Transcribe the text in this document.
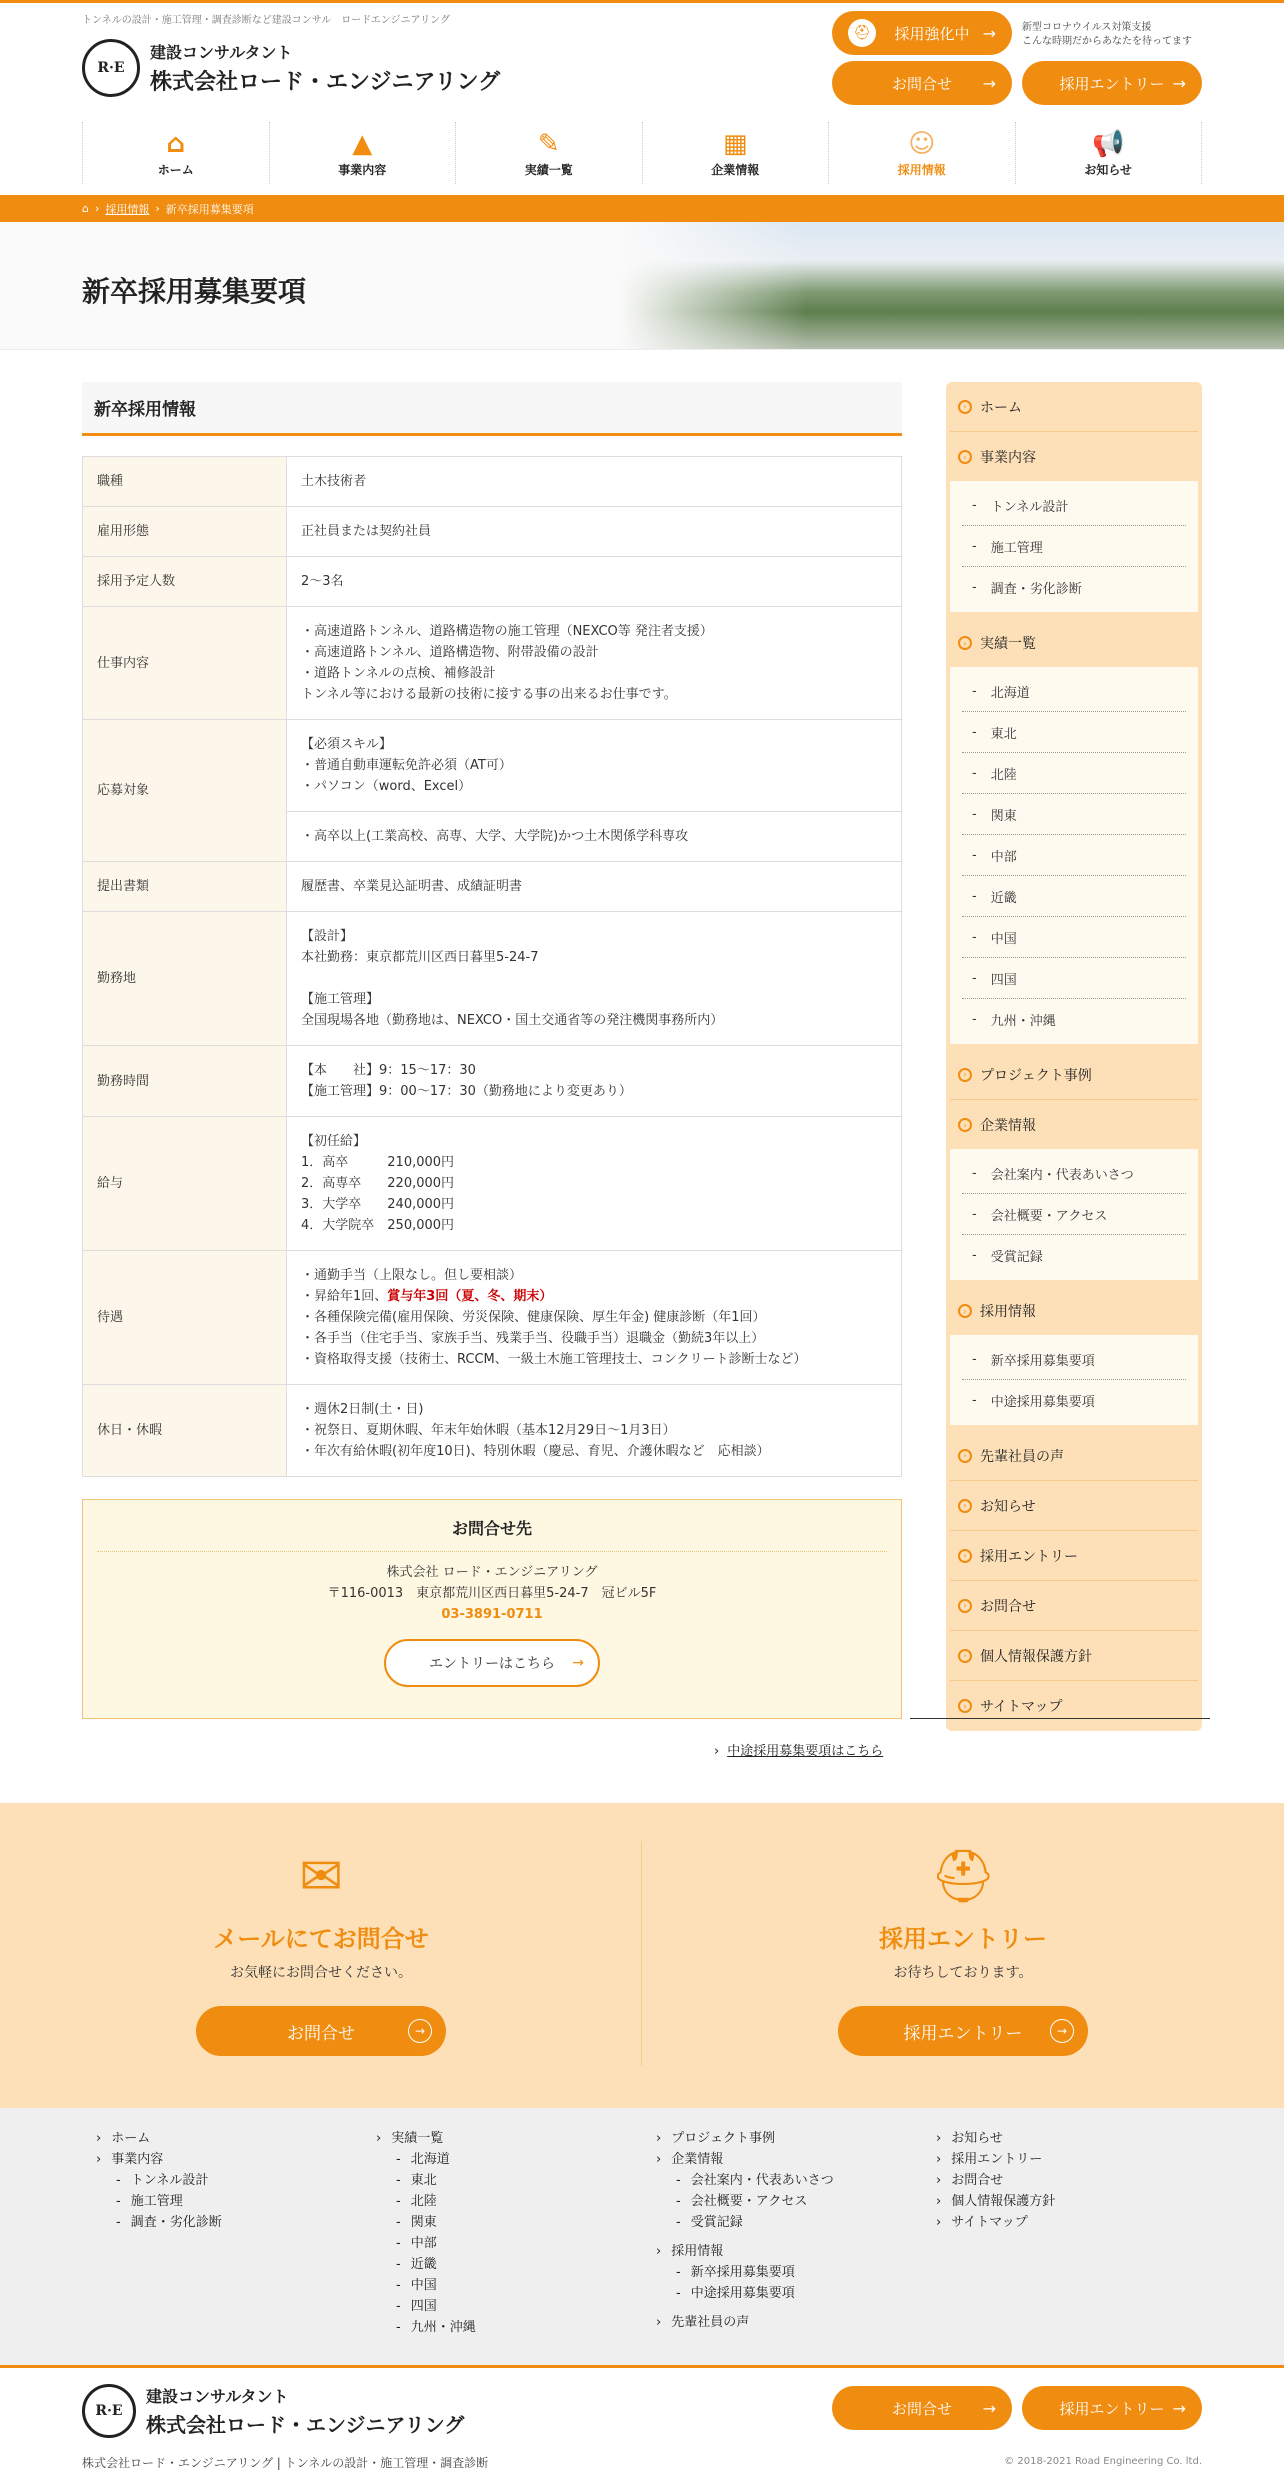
トンネルの設計・施工管理・調査診断など建設コンサル　ロードエンジニアリング
R·E
建設コンサルタント
株式会社ロード・エンジニアリング
⛑	採用強化中 →	新型コロナウイルス対策支援
こんな時期だからあなたを待ってます
お問合せ →	採用エントリー →
⌂
ホーム
▲
事業内容
✎
実績一覧
▦
企業情報
☺
採用情報
📢
お知らせ
⌂ › 採用情報 › 新卒採用募集要項
新卒採用募集要項
新卒採用情報
職種	土木技術者
雇用形態	正社員または契約社員
採用予定人数	2～3名
仕事内容	・高速道路トンネル、道路構造物の施工管理（NEXCO等 発注者支援）
・高速道路トンネル、道路構造物、附帯設備の設計
・道路トンネルの点検、補修設計
トンネル等における最新の技術に接する事の出来るお仕事です。

応募対象	【必須スキル】
・普通自動車運転免許必須（AT可）
・パソコン（word、Excel）

	・高卒以上(工業高校、高専、大学、大学院)かつ土木関係学科専攻
提出書類	履歴書、卒業見込証明書、成績証明書
勤務地	【設計】
本社勤務：東京都荒川区西日暮里5-24-7
【施工管理】
全国現場各地（勤務地は、NEXCO・国土交通省等の発注機関事務所内）

勤務時間	【本　　社】9：15～17：30
【施工管理】9：00～17：30（勤務地により変更あり）

給与	【初任給】
1．高卒　　　210,000円
2．高専卒　　220,000円
3．大学卒　　240,000円
4．大学院卒　250,000円

待遇	・通勤手当（上限なし。但し要相談）
・昇給年1回、賞与年3回（夏、冬、期末）
・各種保険完備(雇用保険、労災保険、健康保険、厚生年金) 健康診断（年1回）
・各手当（住宅手当、家族手当、残業手当、役職手当）退職金（勤続3年以上）
・資格取得支援（技術士、RCCM、一級土木施工管理技士、コンクリート診断士など）

休日・休暇	・週休2日制(土・日)
・祝祭日、夏期休暇、年末年始休暇（基本12月29日～1月3日）
・年次有給休暇(初年度10日)、特別休暇（慶忌、育児、介護休暇など　応相談）
お問合せ先

株式会社 ロード・エンジニアリング

〒116-0013　東京都荒川区西日暮里5-24-7　冠ビル5F

03-3891-0711

エントリーはこちら →
› 中途採用募集要項はこちら
› ホーム
› 事業内容
- トンネル設計
- 施工管理
- 調査・劣化診断
› 実績一覧
- 北海道
- 東北
- 北陸
- 関東
- 中部
- 近畿
- 中国
- 四国
- 九州・沖縄
› プロジェクト事例
› 企業情報
- 会社案内・代表あいさつ
- 会社概要・アクセス
- 受賞記録
› 採用情報
- 新卒採用募集要項
- 中途採用募集要項
› 先輩社員の声
› お知らせ
› 採用エントリー
› お問合せ
› 個人情報保護方針
› サイトマップ
✉
メールにてお問合せ

お気軽にお問合せください。

お問合せ	→
⛑
採用エントリー

お待ちしております。

採用エントリー	→
› ホーム
› 事業内容
- トンネル設計
- 施工管理
- 調査・劣化診断
› 実績一覧
- 北海道
- 東北
- 北陸
- 関東
- 中部
- 近畿
- 中国
- 四国
- 九州・沖縄
› プロジェクト事例
› 企業情報
- 会社案内・代表あいさつ
- 会社概要・アクセス
- 受賞記録
› 採用情報
- 新卒採用募集要項
- 中途採用募集要項
› 先輩社員の声
› お知らせ
› 採用エントリー
› お問合せ
› 個人情報保護方針
› サイトマップ
R·E
建設コンサルタント
株式会社ロード・エンジニアリング
お問合せ →	採用エントリー →
株式会社ロード・エンジニアリング | トンネルの設計・施工管理・調査診断	© 2018-2021 Road Engineering Co. ltd.
